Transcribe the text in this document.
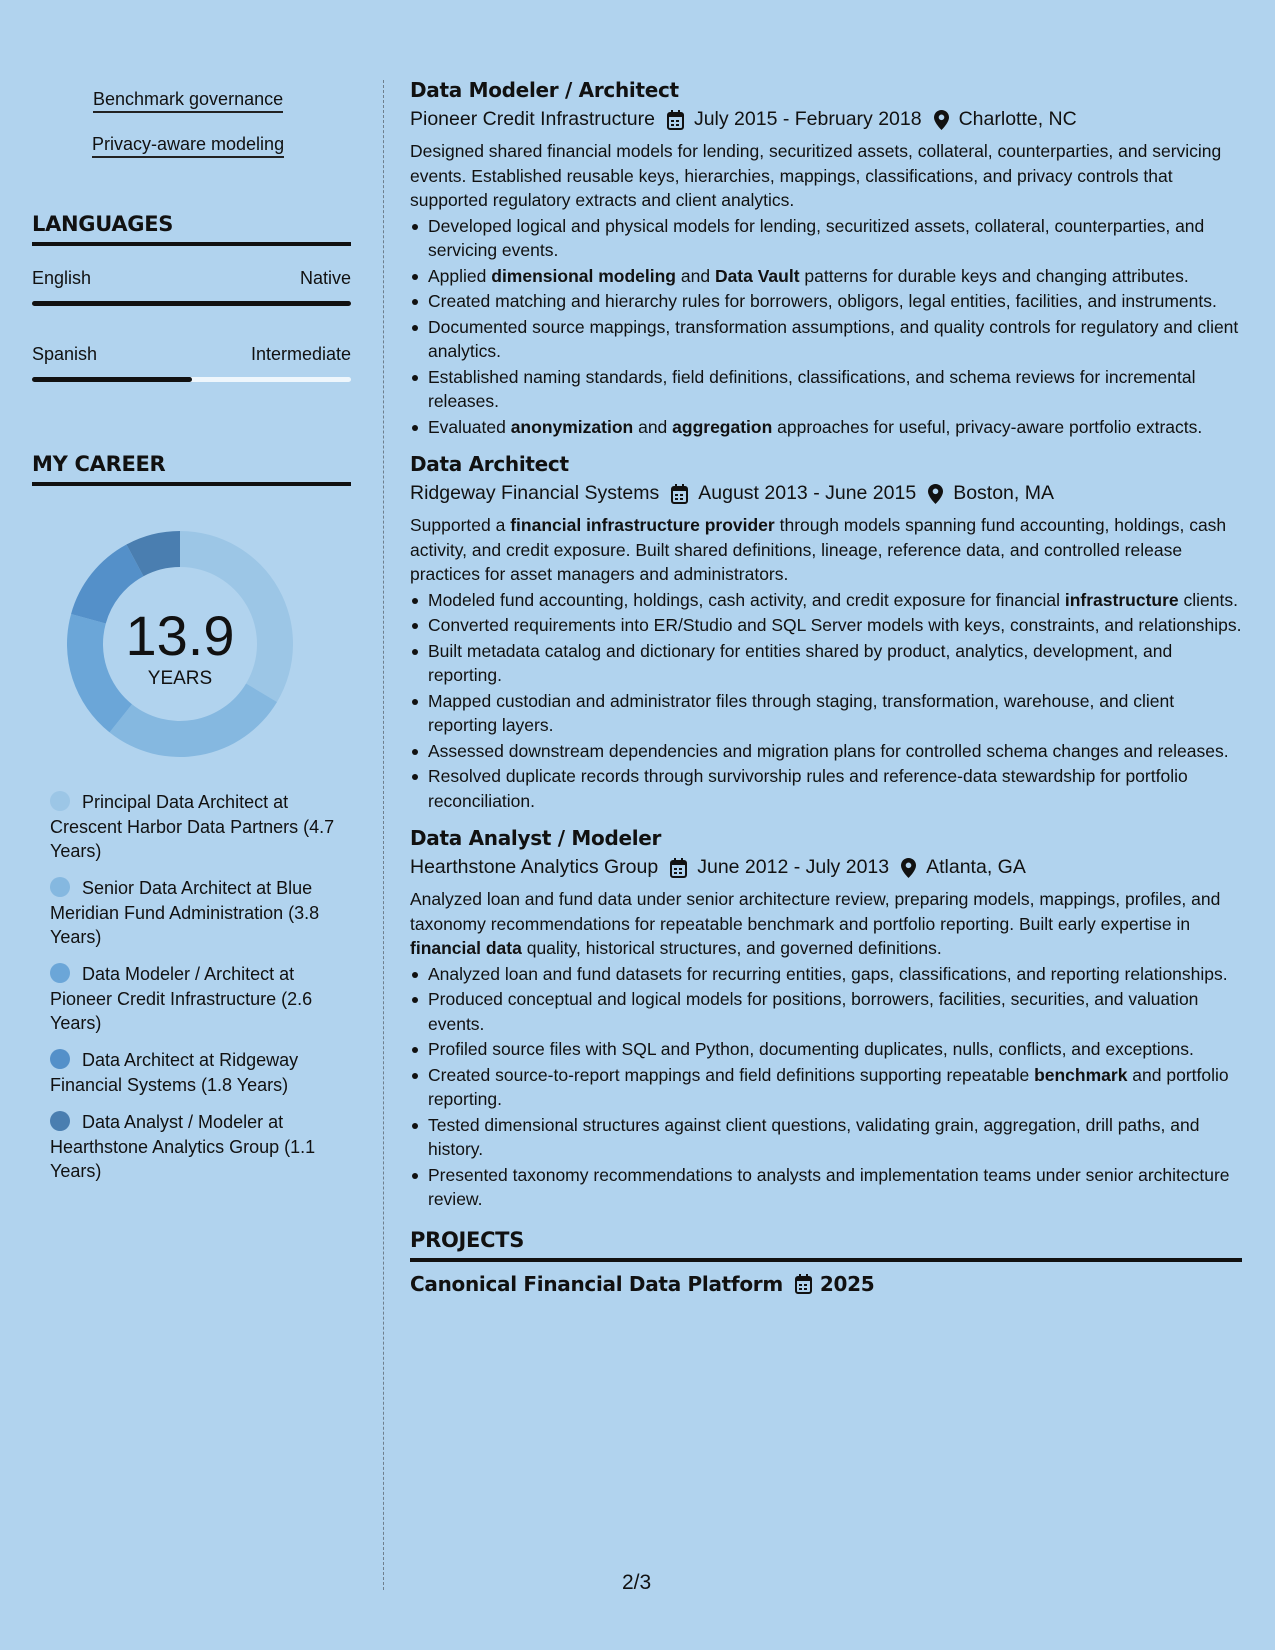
Benchmark governance
Privacy-aware modeling
LANGUAGES
English	Native
Spanish	Intermediate
MY CAREER
13.9
YEARS
Principal Data Architect at Crescent Harbor Data Partners (4.7 Years)
Senior Data Architect at Blue Meridian Fund Administration (3.8 Years)
Data Modeler / Architect at Pioneer Credit Infrastructure (2.6 Years)
Data Architect at Ridgeway Financial Systems (1.8 Years)
Data Analyst / Modeler at Hearthstone Analytics Group (1.1 Years)
Data Modeler / Architect
Pioneer Credit Infrastructure July 2015 - February 2018 Charlotte, NC
Designed shared financial models for lending, securitized assets, collateral, counterparties, and servicing events. Established reusable keys, hierarchies, mappings, classifications, and privacy controls that supported regulatory extracts and client analytics.
Developed logical and physical models for lending, securitized assets, collateral, counterparties, and servicing events.
Applied dimensional modeling and Data Vault patterns for durable keys and changing attributes.
Created matching and hierarchy rules for borrowers, obligors, legal entities, facilities, and instruments.
Documented source mappings, transformation assumptions, and quality controls for regulatory and client analytics.
Established naming standards, field definitions, classifications, and schema reviews for incremental releases.
Evaluated anonymization and aggregation approaches for useful, privacy-aware portfolio extracts.
Data Architect
Ridgeway Financial Systems August 2013 - June 2015 Boston, MA
Supported a financial infrastructure provider through models spanning fund accounting, holdings, cash activity, and credit exposure. Built shared definitions, lineage, reference data, and controlled release practices for asset managers and administrators.
Modeled fund accounting, holdings, cash activity, and credit exposure for financial infrastructure clients.
Converted requirements into ER/Studio and SQL Server models with keys, constraints, and relationships.
Built metadata catalog and dictionary for entities shared by product, analytics, development, and reporting.
Mapped custodian and administrator files through staging, transformation, warehouse, and client reporting layers.
Assessed downstream dependencies and migration plans for controlled schema changes and releases.
Resolved duplicate records through survivorship rules and reference-data stewardship for portfolio reconciliation.
Data Analyst / Modeler
Hearthstone Analytics Group June 2012 - July 2013 Atlanta, GA
Analyzed loan and fund data under senior architecture review, preparing models, mappings, profiles, and taxonomy recommendations for repeatable benchmark and portfolio reporting. Built early expertise in financial data quality, historical structures, and governed definitions.
Analyzed loan and fund datasets for recurring entities, gaps, classifications, and reporting relationships.
Produced conceptual and logical models for positions, borrowers, facilities, securities, and valuation events.
Profiled source files with SQL and Python, documenting duplicates, nulls, conflicts, and exceptions.
Created source-to-report mappings and field definitions supporting repeatable benchmark and portfolio reporting.
Tested dimensional structures against client questions, validating grain, aggregation, drill paths, and history.
Presented taxonomy recommendations to analysts and implementation teams under senior architecture review.
PROJECTS
Canonical Financial Data Platform 2025
2/3
